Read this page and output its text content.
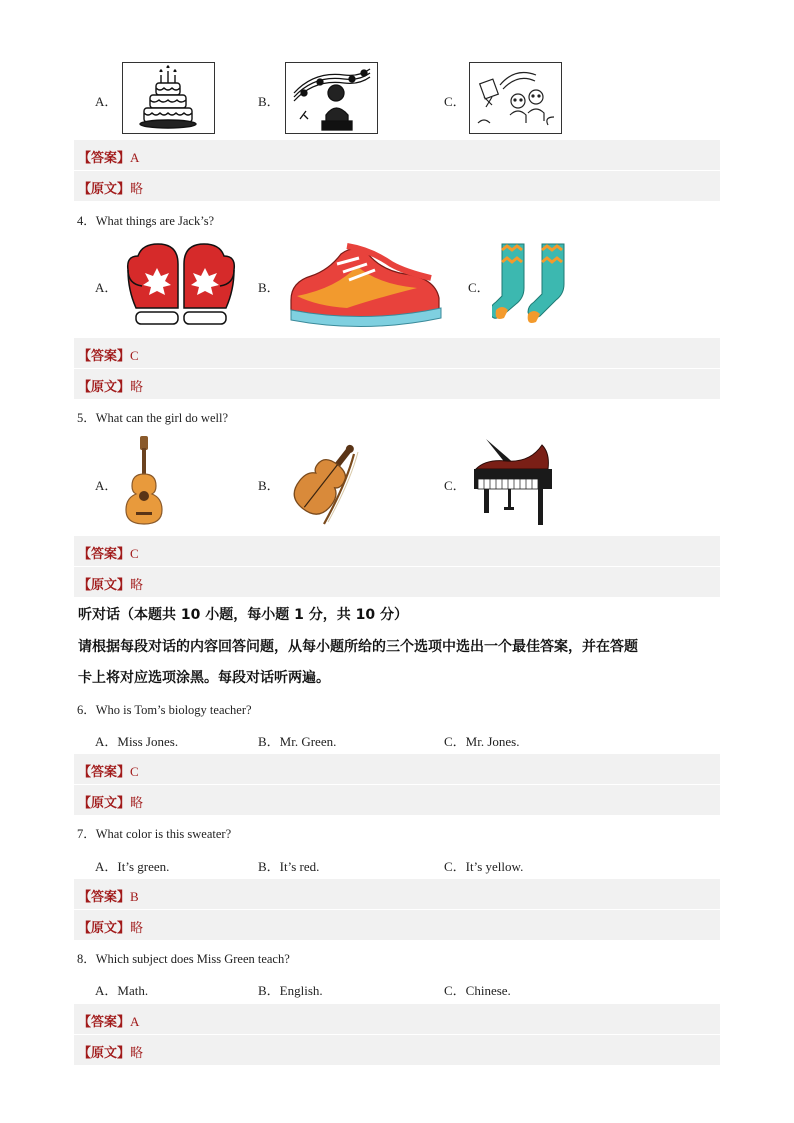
A．	B．	C．
【答案】A
【原文】略
4．What things are Jack’s?
A．	B．	C．
【答案】C
【原文】略
5．What can the girl do well?
A．	B．	C．
【答案】C
【原文】略
听对话（本题共 10 小题，每小题 1 分，共 10 分）
请根据每段对话的内容回答问题，从每小题所给的三个选项中选出一个最佳答案，并在答题
卡上将对应选项涂黑。每段对话听两遍。
6．Who is Tom’s biology teacher?
A．Miss Jones.	B．Mr. Green.	C．Mr. Jones.
【答案】C
【原文】略
7．What color is this sweater?
A．It’s green.	B．It’s red.	C．It’s yellow.
【答案】B
【原文】略
8．Which subject does Miss Green teach?
A．Math.	B．English.	C．Chinese.
【答案】A
【原文】略
